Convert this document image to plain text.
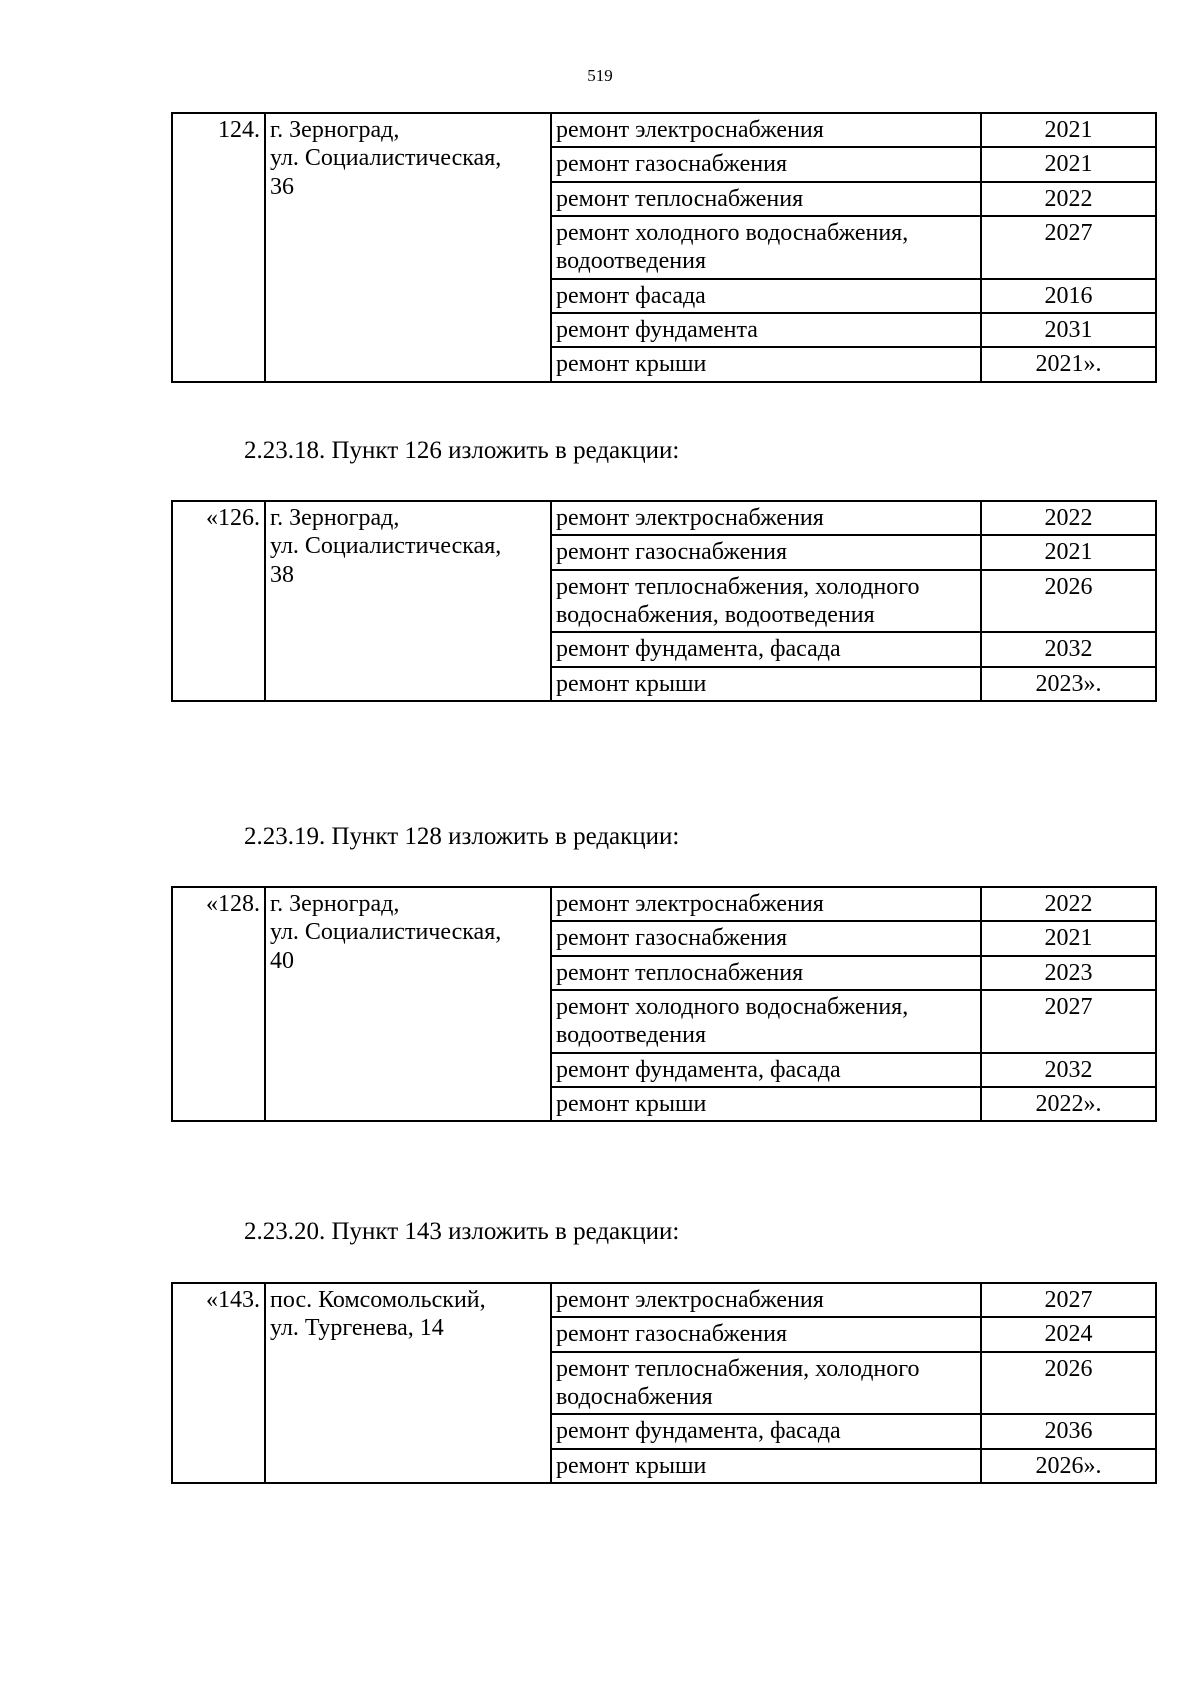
519
124.	г. Зерноград,
ул. Социалистическая,
36	ремонт электроснабжения	2021
		ремонт газоснабжения	2021
		ремонт теплоснабжения	2022
		ремонт холодного водоснабжения, водоотведения	2027
		ремонт фасада	2016
		ремонт фундамента	2031
		ремонт крыши	2021».
2.23.18. Пункт 126 изложить в редакции:
«126.	г. Зерноград,
ул. Социалистическая,
38	ремонт электроснабжения	2022
		ремонт газоснабжения	2021
		ремонт теплоснабжения, холодного водоснабжения, водоотведения	2026
		ремонт фундамента, фасада	2032
		ремонт крыши	2023».
2.23.19. Пункт 128 изложить в редакции:
«128.	г. Зерноград,
ул. Социалистическая,
40	ремонт электроснабжения	2022
		ремонт газоснабжения	2021
		ремонт теплоснабжения	2023
		ремонт холодного водоснабжения, водоотведения	2027
		ремонт фундамента, фасада	2032
		ремонт крыши	2022».
2.23.20. Пункт 143 изложить в редакции:
«143.	пос. Комсомольский,
ул. Тургенева, 14	ремонт электроснабжения	2027
		ремонт газоснабжения	2024
		ремонт теплоснабжения, холодного водоснабжения	2026
		ремонт фундамента, фасада	2036
		ремонт крыши	2026».
